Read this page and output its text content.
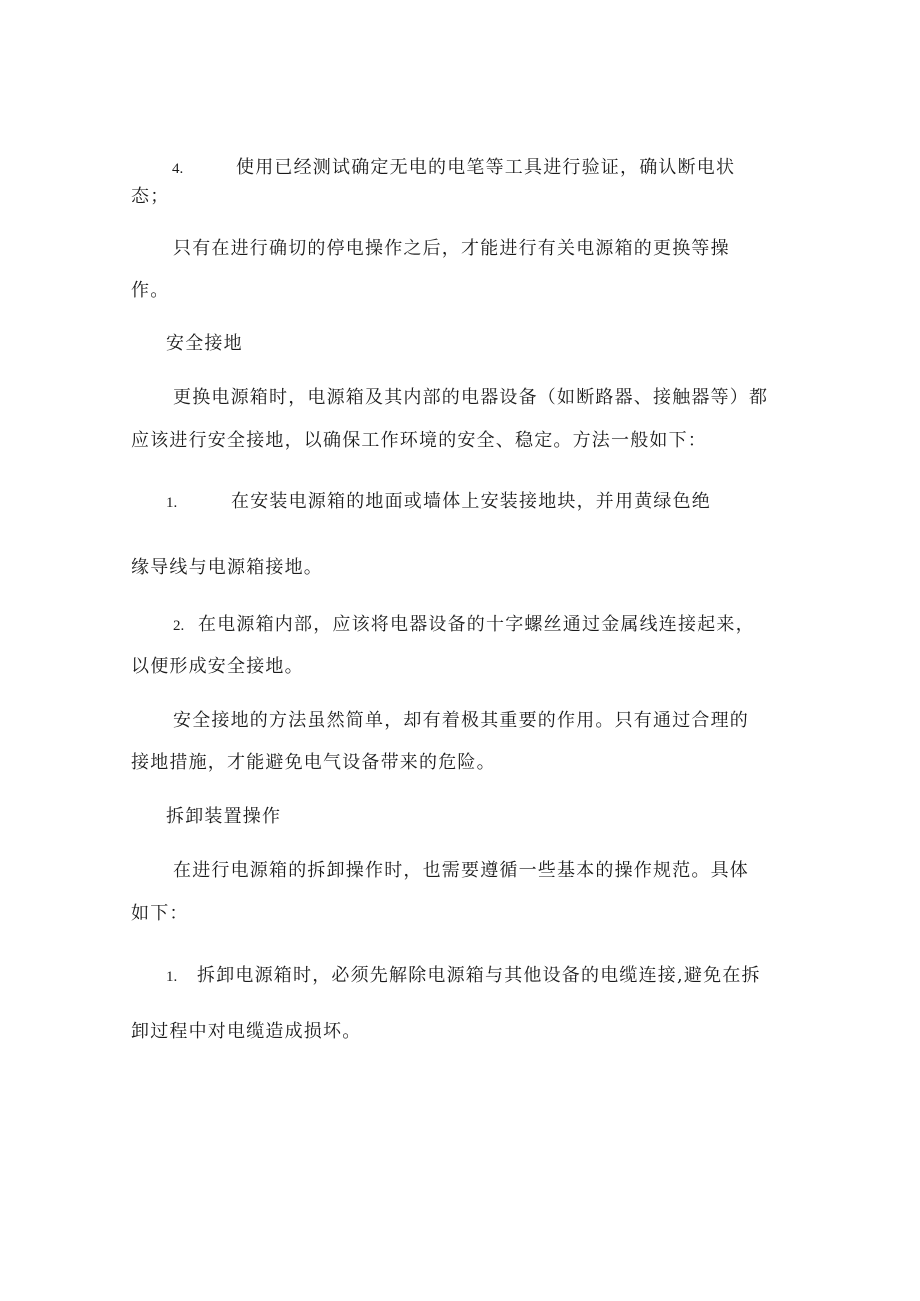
4.	使用已经测试确定无电的电笔等工具进行验证，确认断电状
态；
只有在进行确切的停电操作之后，才能进行有关电源箱的更换等操
作。
安全接地
更换电源箱时，电源箱及其内部的电器设备（如断路器、接触器等）都
应该进行安全接地，以确保工作环境的安全、稳定。方法一般如下：
1.	在安装电源箱的地面或墙体上安装接地块，并用黄绿色绝
缘导线与电源箱接地。
2. 在电源箱内部，应该将电器设备的十字螺丝通过金属线连接起来，
以便形成安全接地。
安全接地的方法虽然简单，却有着极其重要的作用。只有通过合理的
接地措施，才能避免电气设备带来的危险。
拆卸装置操作
在进行电源箱的拆卸操作时，也需要遵循一些基本的操作规范。具体
如下：
1. 拆卸电源箱时，必须先解除电源箱与其他设备的电缆连接,避免在拆
卸过程中对电缆造成损坏。
